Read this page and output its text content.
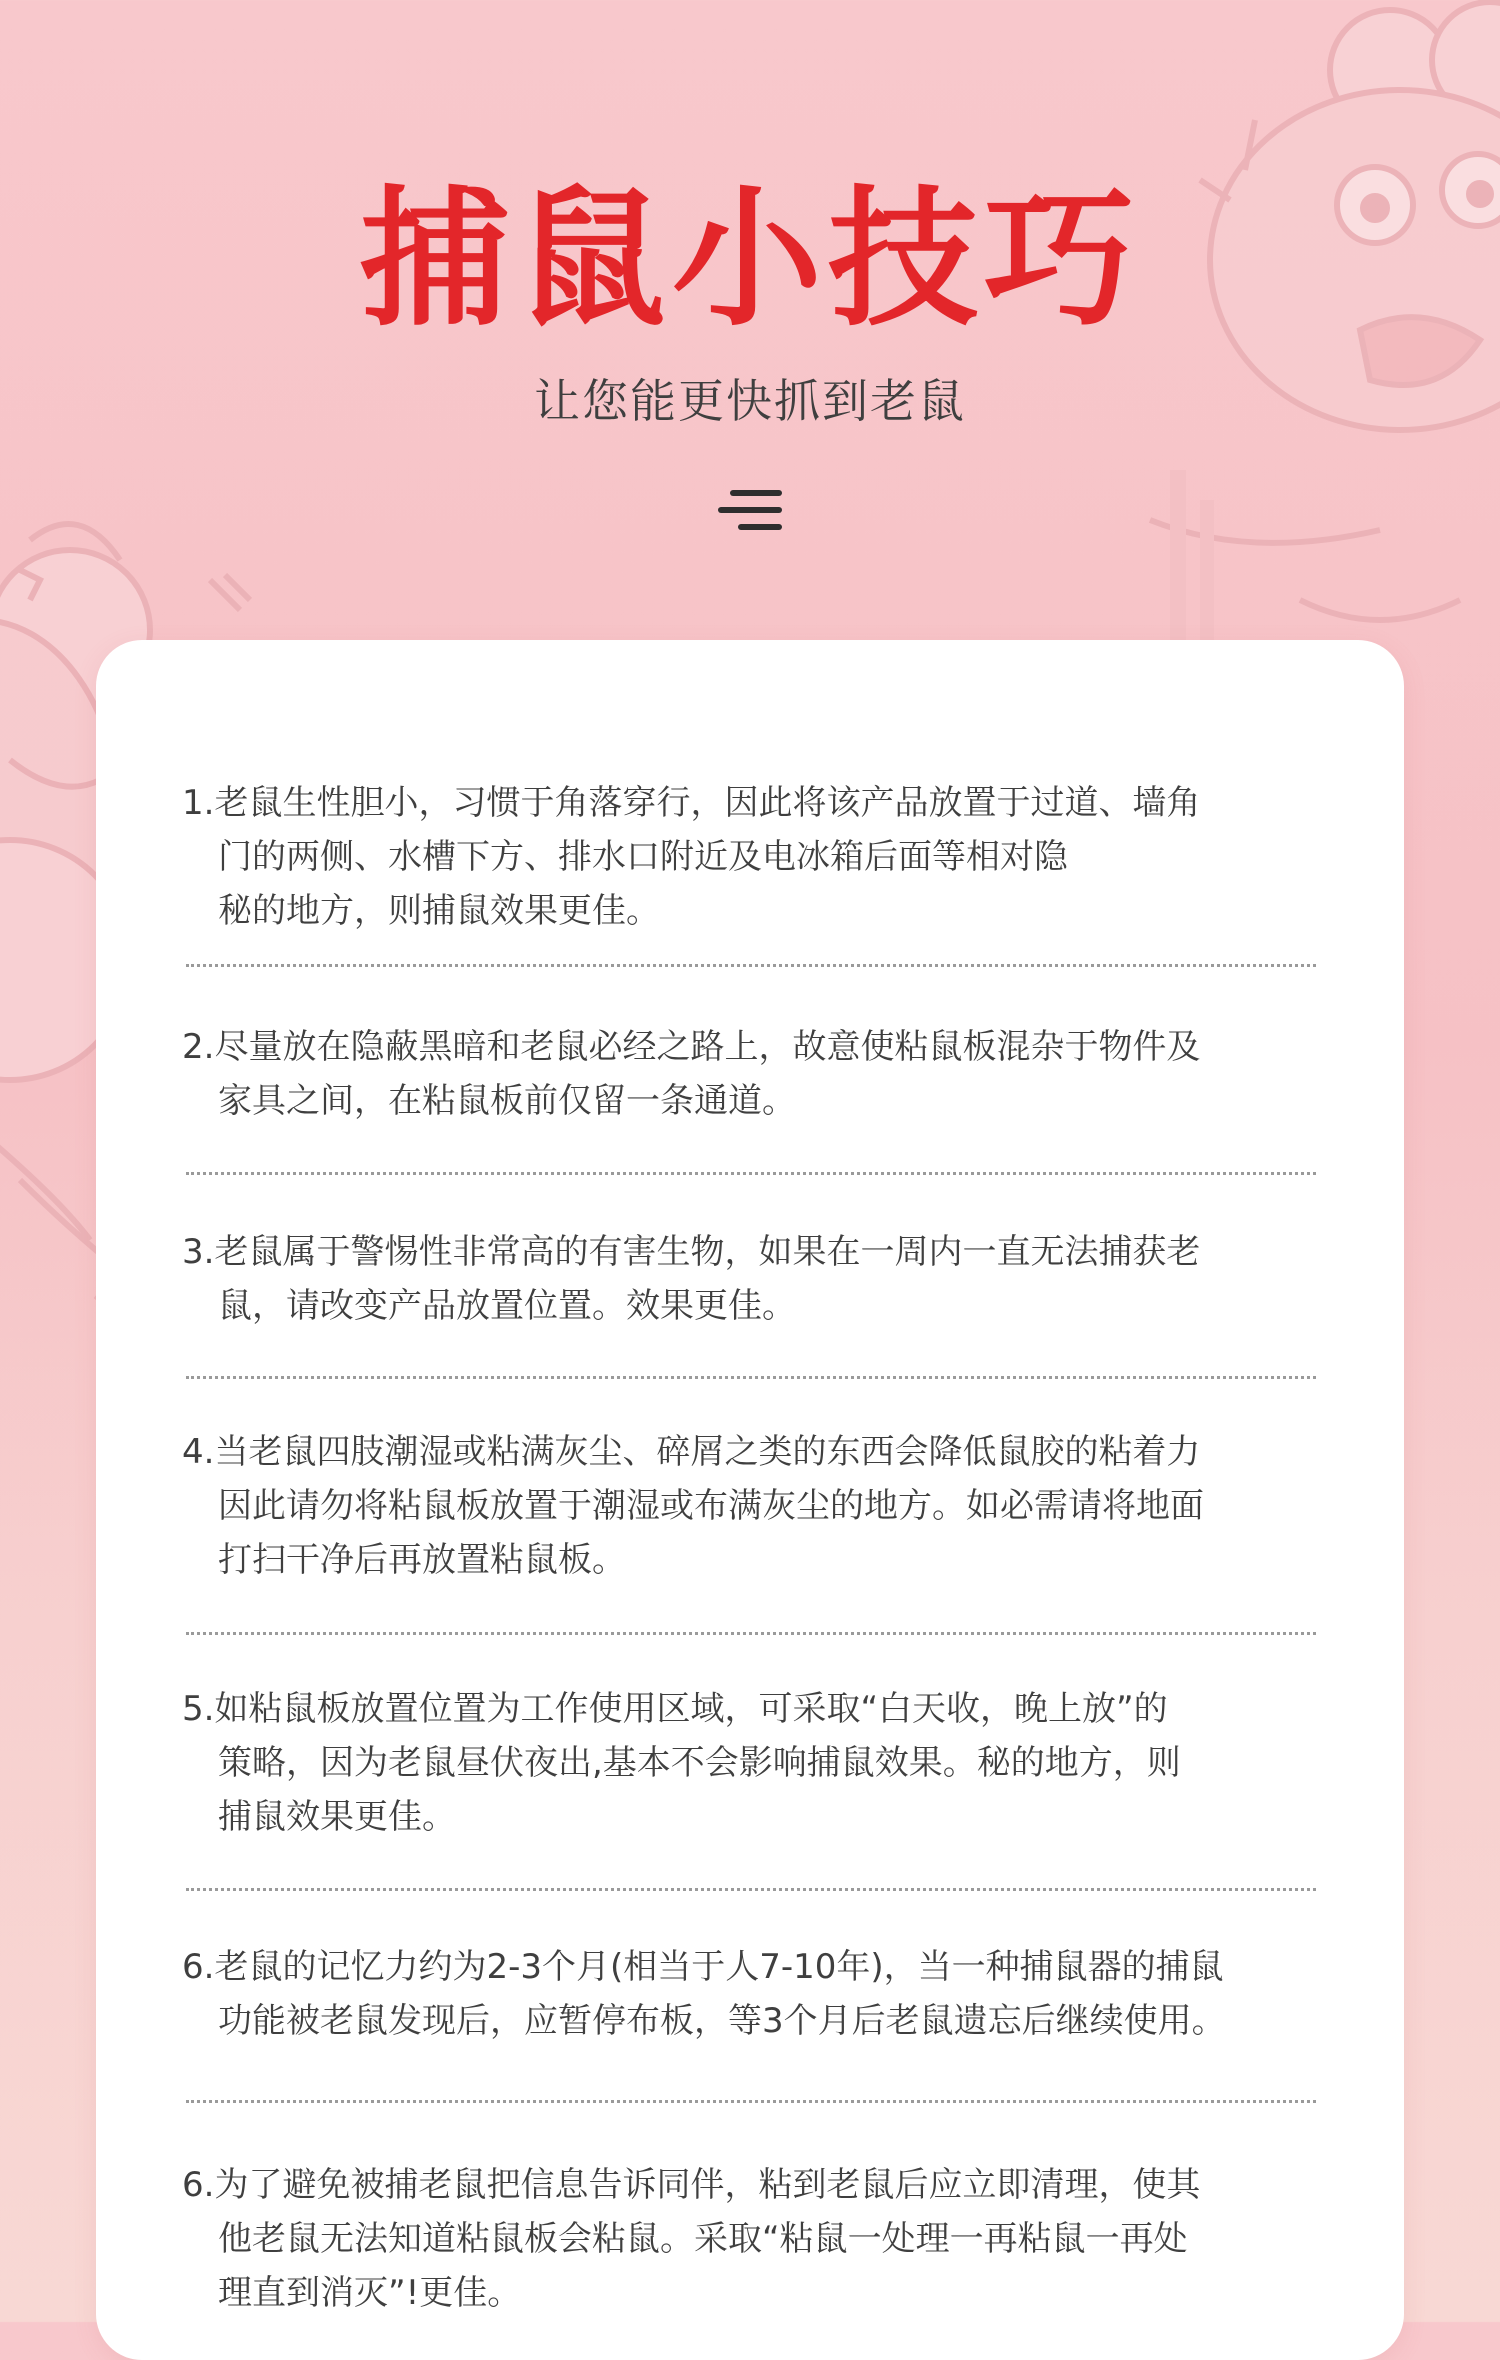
捕鼠小技巧
让您能更快抓到老鼠

1.老鼠生性胆小，习惯于角落穿行，因此将该产品放置于过道、墙角
门的两侧、水槽下方、排水口附近及电冰箱后面等相对隐
秘的地方，则捕鼠效果更佳。

2.尽量放在隐蔽黑暗和老鼠必经之路上，故意使粘鼠板混杂于物件及
家具之间，在粘鼠板前仅留一条通道。

3.老鼠属于警惕性非常高的有害生物，如果在一周内一直无法捕获老
鼠，请改变产品放置位置。效果更佳。

4.当老鼠四肢潮湿或粘满灰尘、碎屑之类的东西会降低鼠胶的粘着力
因此请勿将粘鼠板放置于潮湿或布满灰尘的地方。如必需请将地面
打扫干净后再放置粘鼠板。

5.如粘鼠板放置位置为工作使用区域，可采取“白天收，晚上放”的
策略，因为老鼠昼伏夜出,基本不会影响捕鼠效果。秘的地方，则
捕鼠效果更佳。

6.老鼠的记忆力约为2-3个月(相当于人7-10年)，当一种捕鼠器的捕鼠
功能被老鼠发现后，应暂停布板，等3个月后老鼠遗忘后继续使用。

6.为了避免被捕老鼠把信息告诉同伴，粘到老鼠后应立即清理，使其
他老鼠无法知道粘鼠板会粘鼠。采取“粘鼠一处理一再粘鼠一再处
理直到消灭”!更佳。
